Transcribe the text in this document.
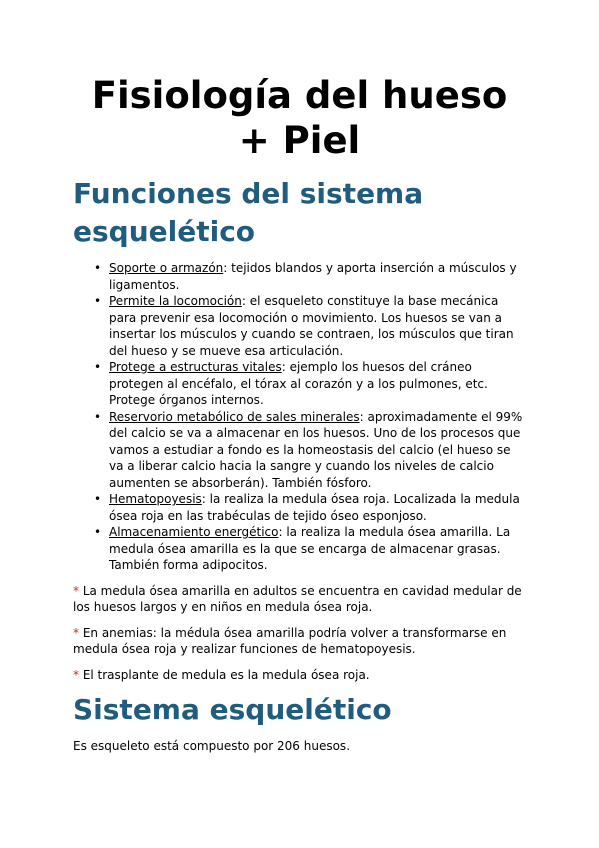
Fisiología del hueso
+ Piel
Funciones del sistema
esquelético
• Soporte o armazón: tejidos blandos y aporta inserción a músculos y ligamentos.
• Permite la locomoción: el esqueleto constituye la base mecánica para prevenir esa locomoción o movimiento. Los huesos se van a insertar los músculos y cuando se contraen, los músculos que tiran del hueso y se mueve esa articulación.
• Protege a estructuras vitales: ejemplo los huesos del cráneo protegen al encéfalo, el tórax al corazón y a los pulmones, etc. Protege órganos internos.
• Reservorio metabólico de sales minerales: aproximadamente el 99% del calcio se va a almacenar en los huesos. Uno de los procesos que vamos a estudiar a fondo es la homeostasis del calcio (el hueso se va a liberar calcio hacia la sangre y cuando los niveles de calcio aumenten se absorberán). También fósforo.
• Hematopoyesis: la realiza la medula ósea roja. Localizada la medula ósea roja en las trabéculas de tejido óseo esponjoso.
• Almacenamiento energético: la realiza la medula ósea amarilla. La medula ósea amarilla es la que se encarga de almacenar grasas. También forma adipocitos.

* La medula ósea amarilla en adultos se encuentra en cavidad medular de los huesos largos y en niños en medula ósea roja.

* En anemias: la médula ósea amarilla podría volver a transformarse en medula ósea roja y realizar funciones de hematopoyesis.

* El trasplante de medula es la medula ósea roja.

Sistema esquelético

Es esqueleto está compuesto por 206 huesos.
